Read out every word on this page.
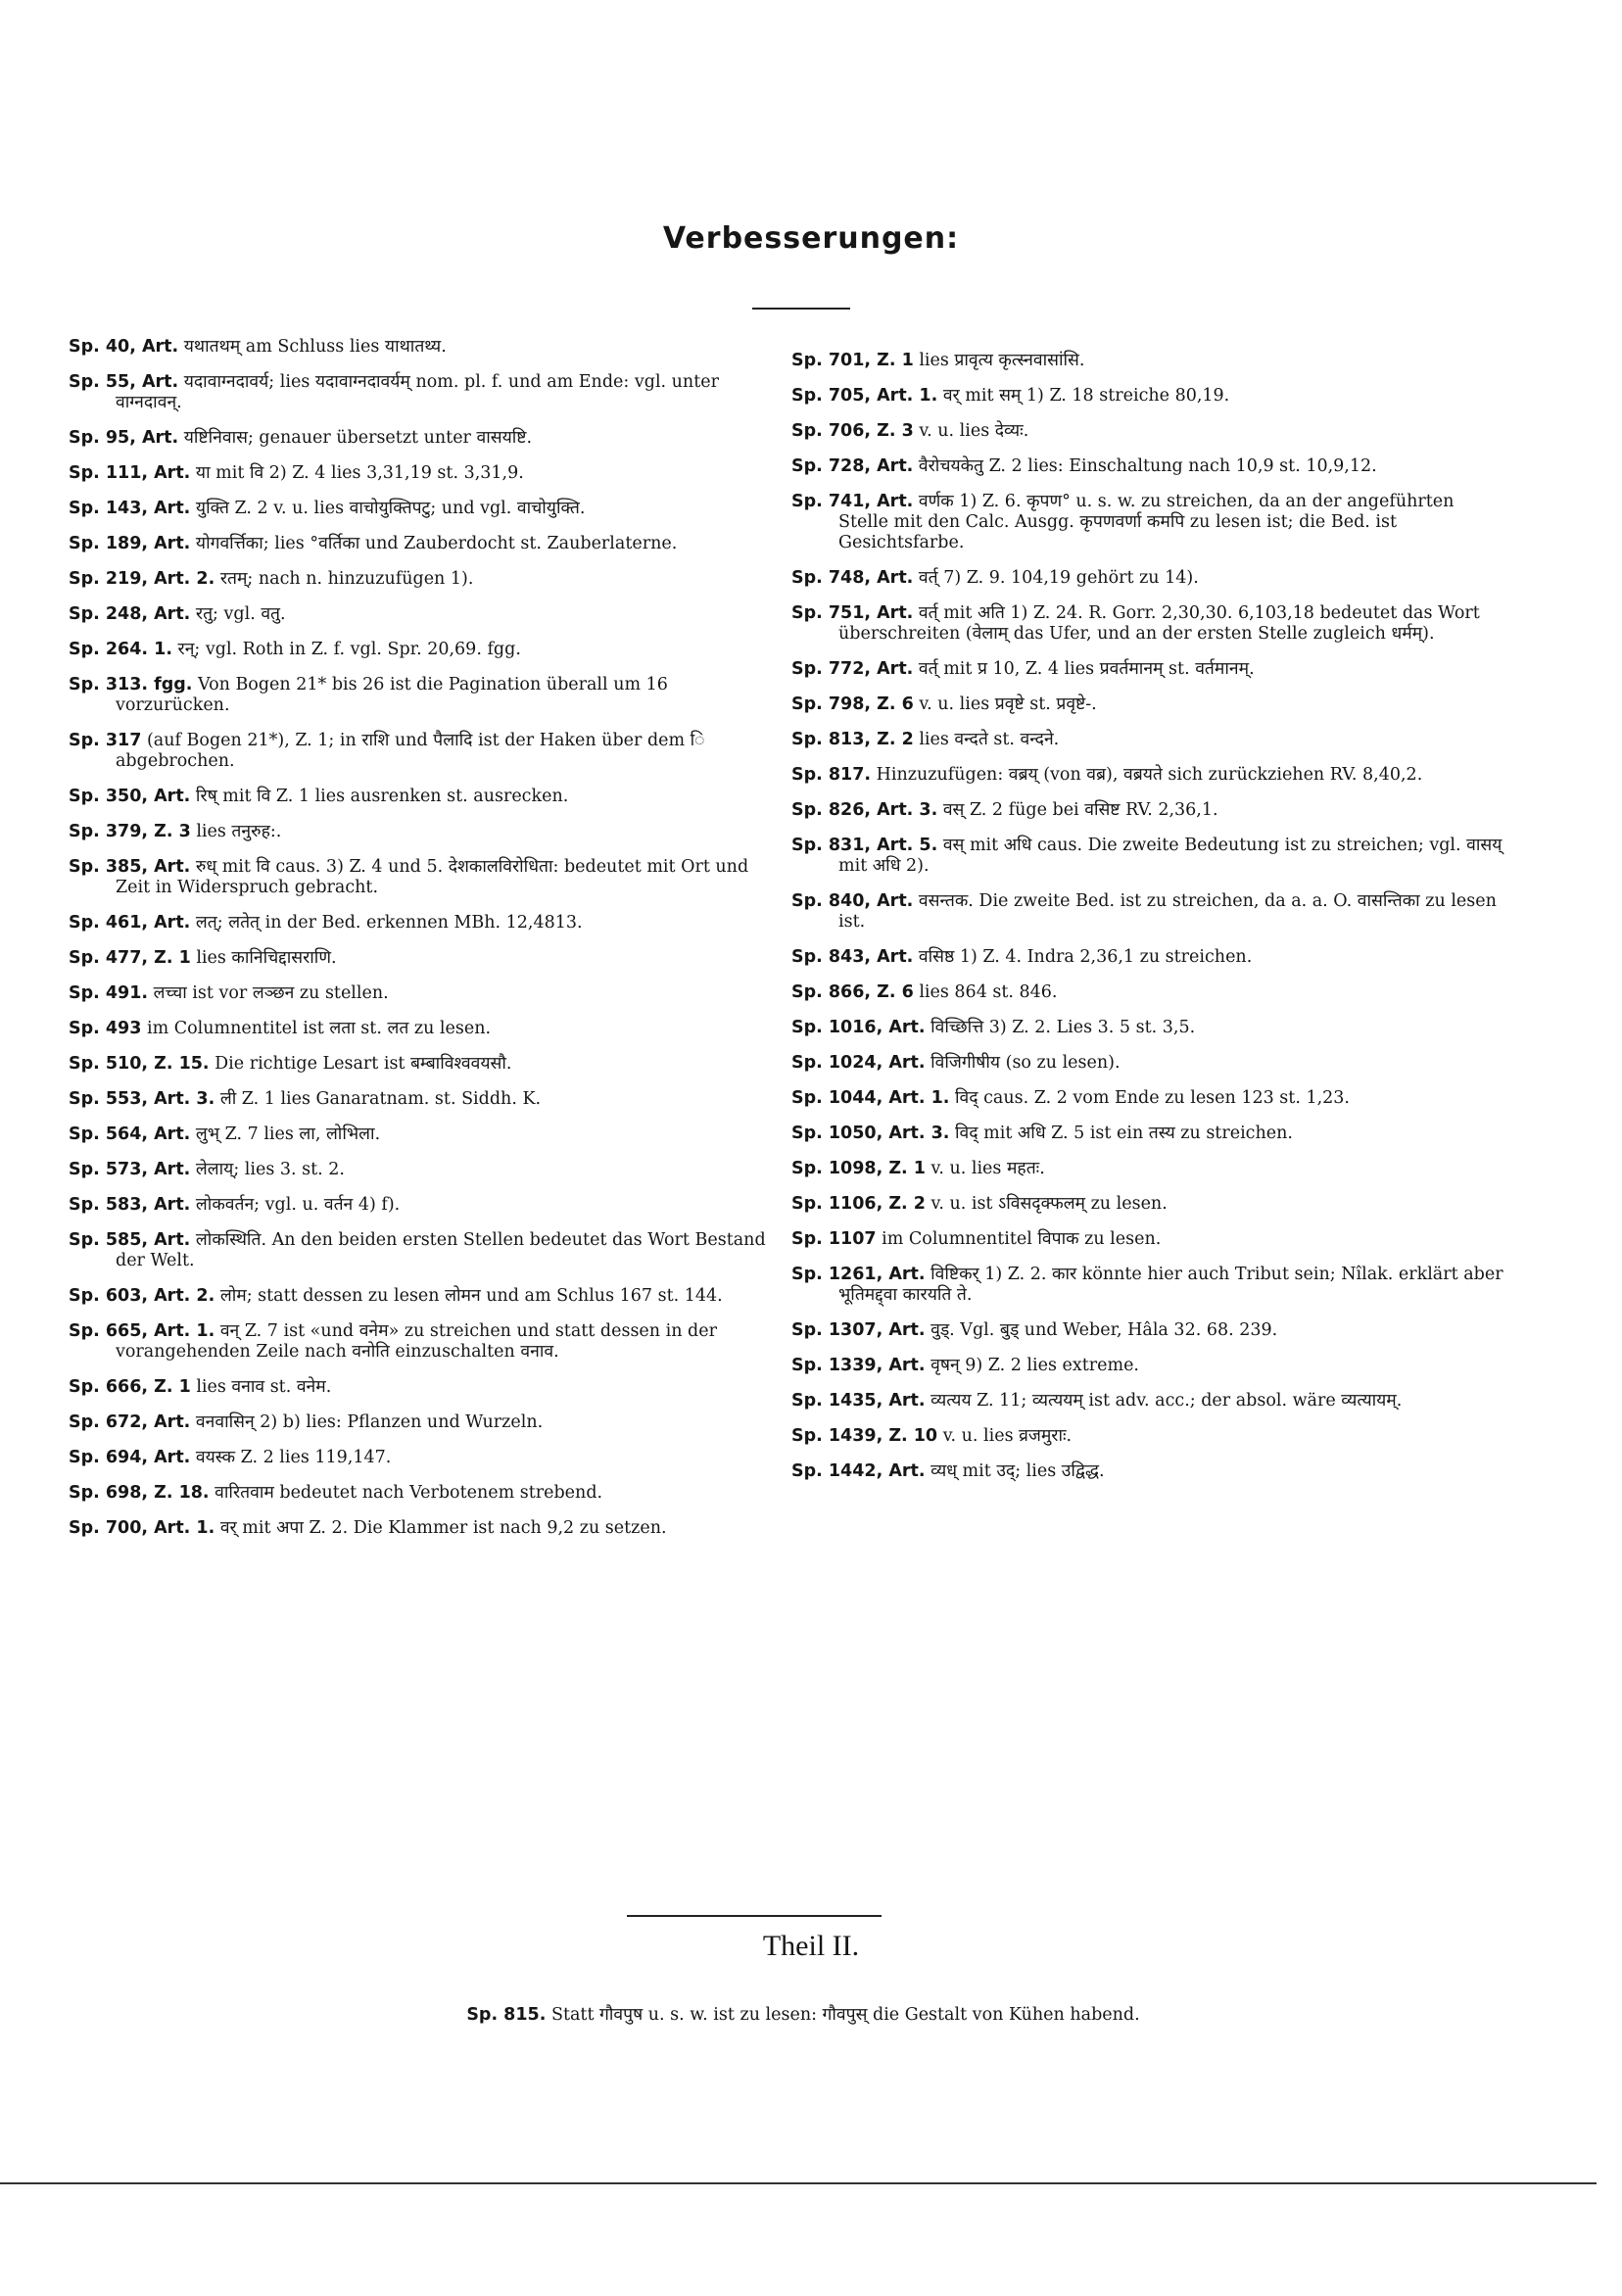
Verbesserungen:
Sp. 40, Art. यथातथम् am Schluss lies याथातथ्य.
Sp. 55, Art. यदावाग्नदावर्य; lies यदावाग्नदावर्यम् nom. pl. f. und am Ende: vgl. unter वाग्नदावन्.
Sp. 95, Art. यष्टिनिवास; genauer übersetzt unter वासयष्टि.
Sp. 111, Art. या mit वि 2) Z. 4 lies 3,31,19 st. 3,31,9.
Sp. 143, Art. युक्ति Z. 2 v. u. lies वाचोयुक्तिपटु; und vgl. वाचोयुक्ति.
Sp. 189, Art. योगवर्त्तिका; lies °वर्तिका und Zauberdocht st. Zauberlaterne.
Sp. 219, Art. 2. रतम्; nach n. hinzuzufügen 1).
Sp. 248, Art. रतु; vgl. वतु.
Sp. 264. 1. रन्; vgl. Roth in Z. f. vgl. Spr. 20,69. fgg.
Sp. 313. fgg. Von Bogen 21* bis 26 ist die Pagination überall um 16 vorzurücken.
Sp. 317 (auf Bogen 21*), Z. 1; in राशि und पैलादि ist der Haken über dem ि abgebrochen.
Sp. 350, Art. रिष् mit वि Z. 1 lies ausrenken st. ausrecken.
Sp. 379, Z. 3 lies तनुरुह:.
Sp. 385, Art. रुध् mit वि caus. 3) Z. 4 und 5. देशकालविरोधिता: bedeutet mit Ort und Zeit in Widerspruch gebracht.
Sp. 461, Art. लत्; लतेत् in der Bed. erkennen MBh. 12,4813.
Sp. 477, Z. 1 lies कानिचिद्दासराणि.
Sp. 491. लच्चा ist vor लञ्छन zu stellen.
Sp. 493 im Columnentitel ist लता st. लत zu lesen.
Sp. 510, Z. 15. Die richtige Lesart ist बम्बाविश्ववयसौ.
Sp. 553, Art. 3. ली Z. 1 lies Ganaratnam. st. Siddh. K.
Sp. 564, Art. लुभ् Z. 7 lies ला, लोभिला.
Sp. 573, Art. लेलाय्; lies 3. st. 2.
Sp. 583, Art. लोकवर्तन; vgl. u. वर्तन 4) f).
Sp. 585, Art. लोकस्थिति. An den beiden ersten Stellen bedeutet das Wort Bestand der Welt.
Sp. 603, Art. 2. लोम; statt dessen zu lesen लोमन und am Schlus 167 st. 144.
Sp. 665, Art. 1. वन् Z. 7 ist «und वनेम» zu streichen und statt dessen in der vorangehenden Zeile nach वनोति einzuschalten वनाव.
Sp. 666, Z. 1 lies वनाव st. वनेम.
Sp. 672, Art. वनवासिन् 2) b) lies: Pflanzen und Wurzeln.
Sp. 694, Art. वयस्क Z. 2 lies 119,147.
Sp. 698, Z. 18. वारितवाम bedeutet nach Verbotenem strebend.
Sp. 700, Art. 1. वर् mit अपा Z. 2. Die Klammer ist nach 9,2 zu setzen.
Sp. 701, Z. 1 lies प्रावृत्य कृत्स्नवासांसि.
Sp. 705, Art. 1. वर् mit सम् 1) Z. 18 streiche 80,19.
Sp. 706, Z. 3 v. u. lies देव्यः.
Sp. 728, Art. वैरोचयकेतु Z. 2 lies: Einschaltung nach 10,9 st. 10,9,12.
Sp. 741, Art. वर्णक 1) Z. 6. कृपण° u. s. w. zu streichen, da an der angeführten Stelle mit den Calc. Ausgg. कृपणवर्णा कमपि zu lesen ist; die Bed. ist Gesichtsfarbe.
Sp. 748, Art. वर्त् 7) Z. 9. 104,19 gehört zu 14).
Sp. 751, Art. वर्त् mit अति 1) Z. 24. R. Gorr. 2,30,30. 6,103,18 bedeutet das Wort überschreiten (वेलाम् das Ufer, und an der ersten Stelle zugleich धर्मम्).
Sp. 772, Art. वर्त् mit प्र 10, Z. 4 lies प्रवर्तमानम् st. वर्तमानम्.
Sp. 798, Z. 6 v. u. lies प्रवृष्टे st. प्रवृष्टे-.
Sp. 813, Z. 2 lies वन्दते st. वन्दने.
Sp. 817. Hinzuzufügen: वब्रय् (von वब्र), वब्रयते sich zurückziehen RV. 8,40,2.
Sp. 826, Art. 3. वस् Z. 2 füge bei वसिष्ट RV. 2,36,1.
Sp. 831, Art. 5. वस् mit अधि caus. Die zweite Bedeutung ist zu streichen; vgl. वासय् mit अधि 2).
Sp. 840, Art. वसन्तक. Die zweite Bed. ist zu streichen, da a. a. O. वासन्तिका zu lesen ist.
Sp. 843, Art. वसिष्ठ 1) Z. 4. Indra 2,36,1 zu streichen.
Sp. 866, Z. 6 lies 864 st. 846.
Sp. 1016, Art. विच्छित्ति 3) Z. 2. Lies 3. 5 st. 3,5.
Sp. 1024, Art. विजिगीषीय (so zu lesen).
Sp. 1044, Art. 1. विद् caus. Z. 2 vom Ende zu lesen 123 st. 1,23.
Sp. 1050, Art. 3. विद् mit अधि Z. 5 ist ein तस्य zu streichen.
Sp. 1098, Z. 1 v. u. lies महतः.
Sp. 1106, Z. 2 v. u. ist ऽविसदृक्फलम् zu lesen.
Sp. 1107 im Columnentitel विपाक zu lesen.
Sp. 1261, Art. विष्टिकर् 1) Z. 2. कार könnte hier auch Tribut sein; Nîlak. erklärt aber भूतिमद्द्वा कारयति ते.
Sp. 1307, Art. वुड्. Vgl. बुड् und Weber, Hâla 32. 68. 239.
Sp. 1339, Art. वृषन् 9) Z. 2 lies extreme.
Sp. 1435, Art. व्यत्यय Z. 11; व्यत्ययम् ist adv. acc.; der absol. wäre व्यत्यायम्.
Sp. 1439, Z. 10 v. u. lies व्रजमुराः.
Sp. 1442, Art. व्यध् mit उद्; lies उद्विद्ध.
Theil II.
Sp. 815. Statt गौवपुष u. s. w. ist zu lesen: गौवपुस् die Gestalt von Kühen habend.
